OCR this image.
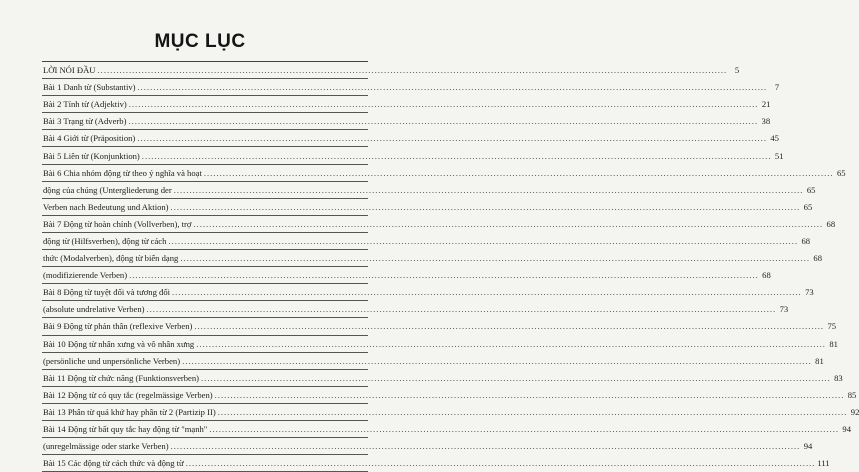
MỤC LỤC
LỜI NÓI ĐẦU .....	5
Bài 1 Danh từ (Substantiv) .....	7
Bài 2 Tính từ (Adjektiv) .....	21
Bài 3 Trạng từ (Adverb) .....	38
Bài 4 Giới từ (Präposition) .....	45
Bài 5 Liên từ (Konjunktion) .....	51
Bài 6 Chia nhóm động từ theo ý nghĩa và hoạt .....	65
động của chúng (Untergliederung der .....	65
Verben nach Bedeutung und Aktion) .....	65
Bài 7 Động từ hoàn chỉnh (Vollverben), trợ .....	68
động từ (Hilfsverben), động từ cách .....	68
thức (Modalverben), động từ biến dạng .....	68
(modifizierende Verben) .....	68
Bài 8 Động từ tuyệt đối và tương đối .....	73
(absolute undrelative Verben) .....	73
Bài 9 Động từ phản thân (reflexive Verben) .....	75
Bài 10 Động từ nhân xưng và vô nhân xưng .....	81
(persönliche und unpersönliche Verben) .....	81
Bài 11 Động từ chức năng (Funktionsverben) .....	83
Bài 12 Động từ có quy tắc (regelmässige Verben) .....	85
Bài 13 Phân từ quá khứ hay phân từ 2 (Partizip II) .....	92
Bài 14 Động từ bất quy tắc hay động từ "mạnh" .....	94
(unregelmässige oder starke Verben) .....	94
Bài 15 Các động từ cách thức và động từ .....	111
